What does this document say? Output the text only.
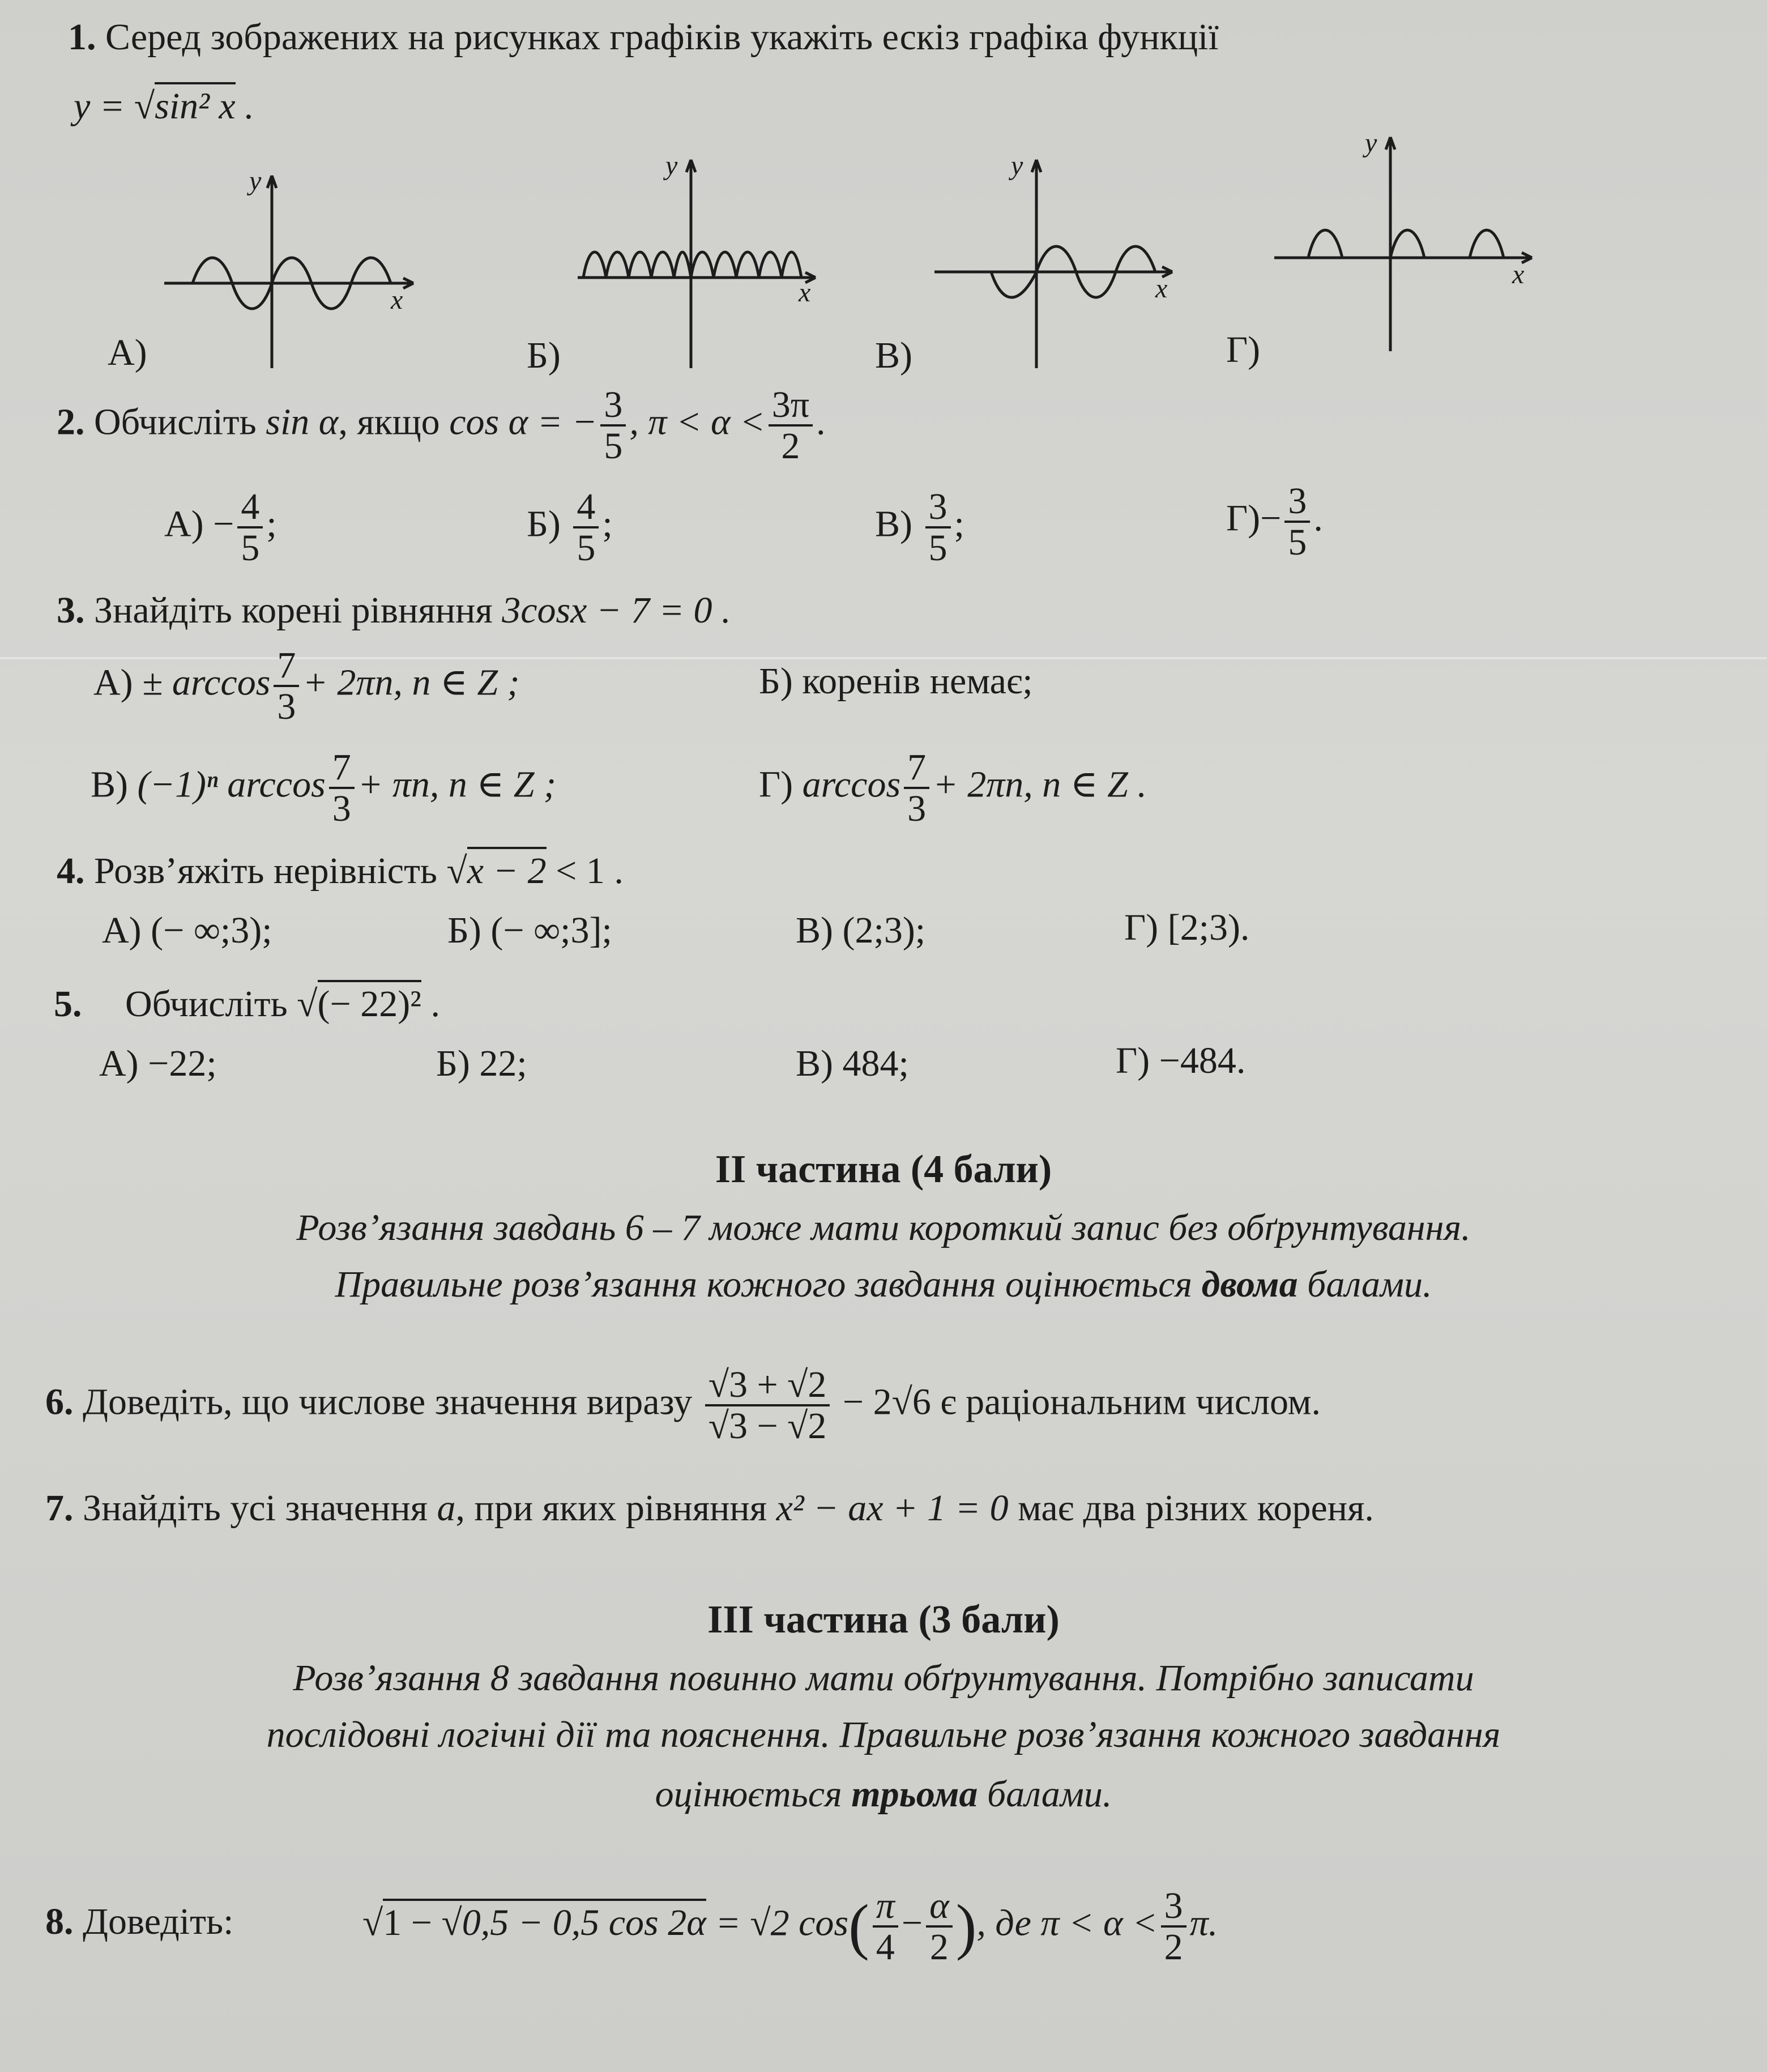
1. Серед зображених на рисунках графіків укажіть ескіз графіка функції
y = √sin² x .
y
x
А)
y
x
Б)
y
x
В)
y
x
Г)
2. Обчисліть sin α, якщо cos α = − $\frac{3}{5}$ , $\pi < \alpha < \frac{3\pi}{2}$ .
$А) - \frac{4}{5}$ ;	$Б) \frac{4}{5}$ ;	$В) \frac{3}{5}$ ;	$Г)- \frac{3}{5}$ .
3. Знайдіть корені рівняння 3cosx − 7 = 0 .
$А) \pm \arccos \frac{7}{3} + 2\pi n$, n ∈ Z ;	Б) коренів немає;
В) (−1)ⁿ $\arccos \frac{7}{3} + \pi n$, n ∈ Z ;	Г) $\arccos \frac{7}{3} + 2\pi n$, n ∈ Z .
4. Розв’яжіть нерівність √x − 2 < 1 .
А) (− ∞;3);	Б) (− ∞;3];	В) (2;3);	Г) [2;3).
5. Обчисліть √(− 22)² .
А) −22;	Б) 22;	В) 484;	Г) −484.
ІІ частина (4 бали)
Розв’язання завдань 6 – 7 може мати короткий запис без обґрунтування.
Правильне розв’язання кожного завдання оцінюється двома балами.
6. Доведіть, що числове значення виразу $\frac{√3 + √2}{√3 - √2} - 2√6$ є раціональним числом.
7. Знайдіть усі значення a, при яких рівняння x² − ax + 1 = 0 має два різних кореня.
ІІІ частина (3 бали)
Розв’язання 8 завдання повинно мати обґрунтування. Потрібно записати
послідовні логічні дії та пояснення. Правильне розв’язання кожного завдання
оцінюється трьома балами.
8. Доведіть:	√1 − √0,5 − 0,5 cos 2α = √2 $\cos( \frac{\pi}{4} - \frac{\alpha}{2}$ ), де $\pi < \alpha < \frac{3}{2} \pi$.
